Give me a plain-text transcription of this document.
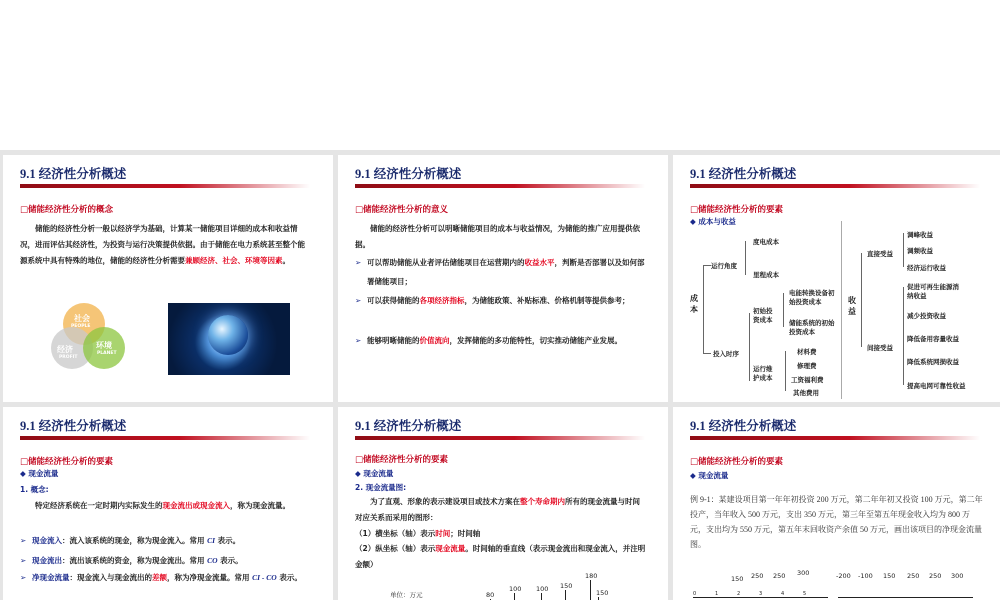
9.1 经济性分析概述
□储能经济性分析的概念
储能的经济性分析一般以经济学为基础，计算某一储能项目详细的成本和收益情况，进而评估其经济性，为投资与运行决策提供依据。由于储能在电力系统甚至整个能源系统中具有特殊的地位，储能的经济性分析需要兼顾经济、社会、环境等因素。
社会
PEOPLE
经济
PROFIT
环境
PLANET
9.1 经济性分析概述
□储能经济性分析的意义
储能的经济性分析可以明晰储能项目的成本与收益情况，为储能的推广应用提供依据。
➢ 可以帮助储能从业者评估储能项目在运营期内的收益水平，判断是否部署以及如何部署储能项目；
➢ 可以获得储能的各项经济指标，为储能政策、补贴标准、价格机制等提供参考；
➢ 能够明晰储能的价值流向，发挥储能的多功能特性，切实推动储能产业发展。
9.1 经济性分析概述
□储能经济性分析的要素
◆ 成本与收益
成本
运行角度
投入时序
度电成本
里程成本
初始投资成本
运行维护成本
电能转换设备初始投资成本
储能系统的初始投资成本
材料费
修理费
工资福利费
其他费用
收益
直接受益
间接受益
调峰收益
调频收益
经济运行收益
促进可再生能源消纳收益
减少投资收益
降低备用容量收益
降低系统网损收益
提高电网可靠性收益
9.1 经济性分析概述
□储能经济性分析的要素
◆ 现金流量
1. 概念:
特定经济系统在一定时期内实际发生的现金流出或现金流入，称为现金流量。
➢ 现金流入：流入该系统的现金，称为现金流入。常用 CI 表示。
➢ 现金流出：流出该系统的资金，称为现金流出。常用 CO 表示。
➢ 净现金流量：现金流入与现金流出的差额，称为净现金流量。常用 CI - CO 表示。
9.1 经济性分析概述
□储能经济性分析的要素
◆ 现金流量
2. 现金流量图:
为了直观、形象的表示建设项目或技术方案在整个寿命期内所有的现金流量与时间对应关系而采用的图形：
（1）横坐标（轴）表示时间；时间轴
（2）纵坐标（轴）表示现金流量。时间轴的垂直线（表示现金流出和现金流入，并注明金额）
单位：万元	80
100 100 150
180
150
9.1 经济性分析概述
□储能经济性分析的要素
◆ 现金流量
例 9-1：某建设项目第一年年初投资 200 万元，第二年年初又投资 100 万元，第二年投产，当年收入 500 万元，支出 350 万元，第三年至第五年现金收入均为 800 万元，支出均为 550 万元，第五年末回收资产余值 50 万元，画出该项目的净现金流量图。
150 250 250 300	-200 -100 150 250 250 300
0	1	2	3	4	5
